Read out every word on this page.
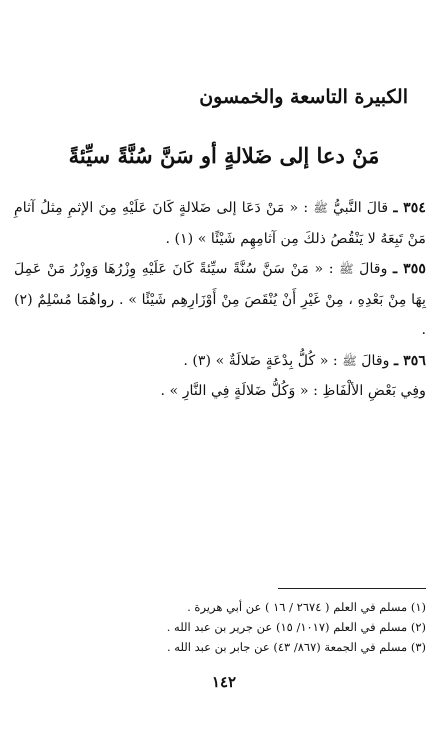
الكبيرة التاسعة والخمسون
مَنْ دعا إلى ضَلالةٍ أو سَنَّ سُنَّةً سيِّئةً

٣٥٤ ـ قالَ النَّبيُّ ﷺ : « مَنْ دَعَا إلى ضَلالةٍ كَانَ عَلَيْهِ مِنَ الإثمِ مِثلُ آثامِ مَنْ تَبِعَهُ لا يَنْقُصُ ذلكَ مِن آثامِهِم شَيْئًا » (١) .

٣٥٥ ـ وقالَ ﷺ : « مَنْ سَنَّ سُنَّةً سيِّئةً كَانَ عَلَيْهِ وِزْرُهَا وَوِزْرُ مَنْ عَمِلَ بِهَا مِنْ بَعْدِهِ ، مِنْ غَيْرِ أَنْ يُنْقَصَ مِنْ أَوْزَارِهِم شَيْئًا » . رواهُمَا مُسْلِمٌ (٢) .

٣٥٦ ـ وقالَ ﷺ : « كُلُّ بِدْعَةٍ ضَلالَةٌ » (٣) .

وفِي بَعْضِ الألْفَاظِ : « وَكُلُّ ضَلالَةٍ فِي النَّارِ » .

(١) مسلم في العلم ( ٢٦٧٤ / ١٦ ) عن أبي هريرة .
(٢) مسلم في العلم (١٠١٧/ ١٥) عن جرير بن عبد الله .
(٣) مسلم في الجمعة (٨٦٧/ ٤٣) عن جابر بن عبد الله .
١٤٢
